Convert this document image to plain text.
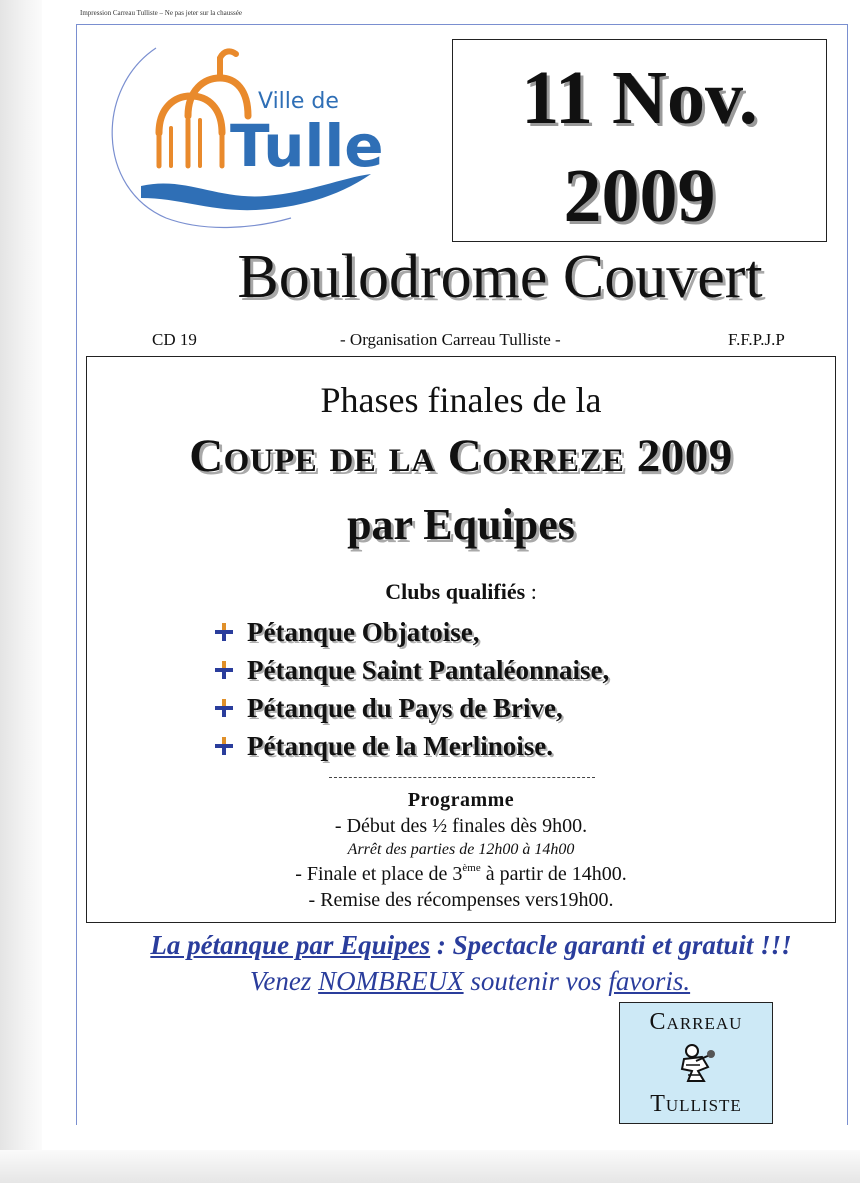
Impression Carreau Tulliste – Ne pas jeter sur la chaussée
Ville de
Tulle
11 Nov.
2009
Boulodrome Couvert
CD 19	- Organisation Carreau Tulliste -	F.F.P.J.P
Phases finales de la
Coupe de la Correze 2009
par Equipes
Clubs qualifiés :
Pétanque Objatoise,
Pétanque Saint Pantaléonnaise,
Pétanque du Pays de Brive,
Pétanque de la Merlinoise.
Programme
- Début des ½ finales dès 9h00.
Arrêt des parties de 12h00 à 14h00
- Finale et place de 3ème à partir de 14h00.
- Remise des récompenses vers19h00.
La pétanque par Equipes : Spectacle garanti et gratuit !!!
Venez NOMBREUX soutenir vos favoris.
Carreau
Tulliste
